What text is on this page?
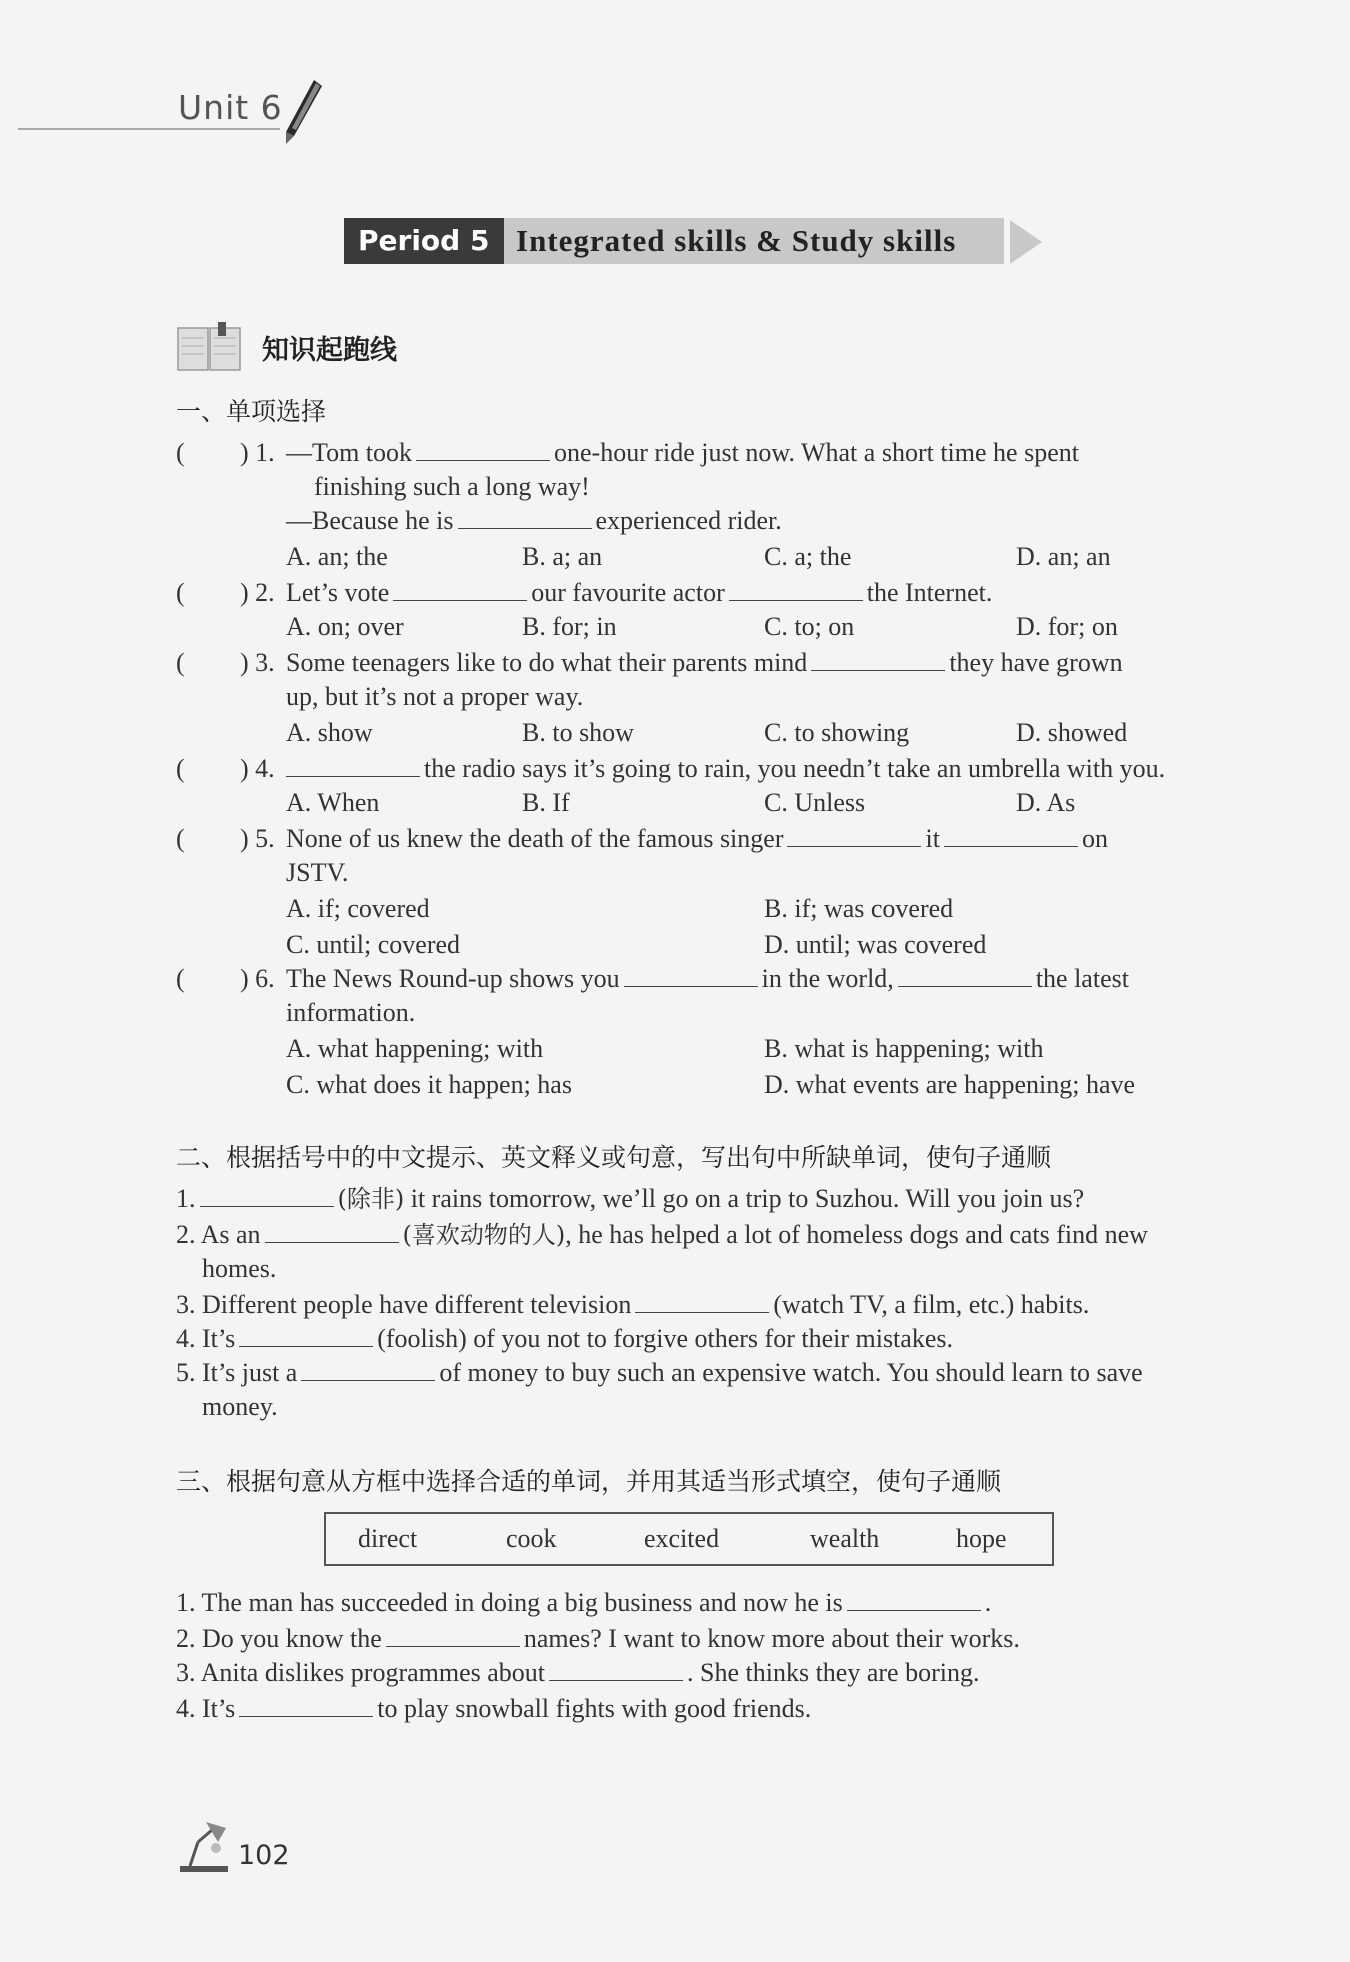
Unit 6
Period 5 Integrated skills & Study skills
知识起跑线
一、单项选择
( ) 1. —Tom took	one-hour ride just now. What a short time he spent
finishing such a long way!
—Because he is	experienced rider.
A. an; the	B. a; an	C. a; the	D. an; an
( ) 2. Let’s vote	our favourite actor	the Internet.
A. on; over	B. for; in	C. to; on	D. for; on
( ) 3. Some teenagers like to do what their parents mind	they have grown
up, but it’s not a proper way.
A. show	B. to show	C. to showing	D. showed
( ) 4.	the radio says it’s going to rain, you needn’t take an umbrella with you.
A. When	B. If	C. Unless	D. As
( ) 5. None of us knew the death of the famous singer	it	on
JSTV.
A. if; covered	B. if; was covered
C. until; covered	D. until; was covered
( ) 6. The News Round-up shows you	in the world,	the latest
information.
A. what happening; with	B. what is happening; with
C. what does it happen; has	D. what events are happening; have
二、根据括号中的中文提示、英文释义或句意，写出句中所缺单词，使句子通顺
1.	(除非) it rains tomorrow, we’ll go on a trip to Suzhou. Will you join us?
2. As an	(喜欢动物的人), he has helped a lot of homeless dogs and cats find new
homes.
3. Different people have different television	(watch TV, a film, etc.) habits.
4. It’s	(foolish) of you not to forgive others for their mistakes.
5. It’s just a	of money to buy such an expensive watch. You should learn to save
money.
三、根据句意从方框中选择合适的单词，并用其适当形式填空，使句子通顺
direct	cook	excited	wealth	hope
1. The man has succeeded in doing a big business and now he is	.
2. Do you know the	names? I want to know more about their works.
3. Anita dislikes programmes about	. She thinks they are boring.
4. It’s	to play snowball fights with good friends.
102
